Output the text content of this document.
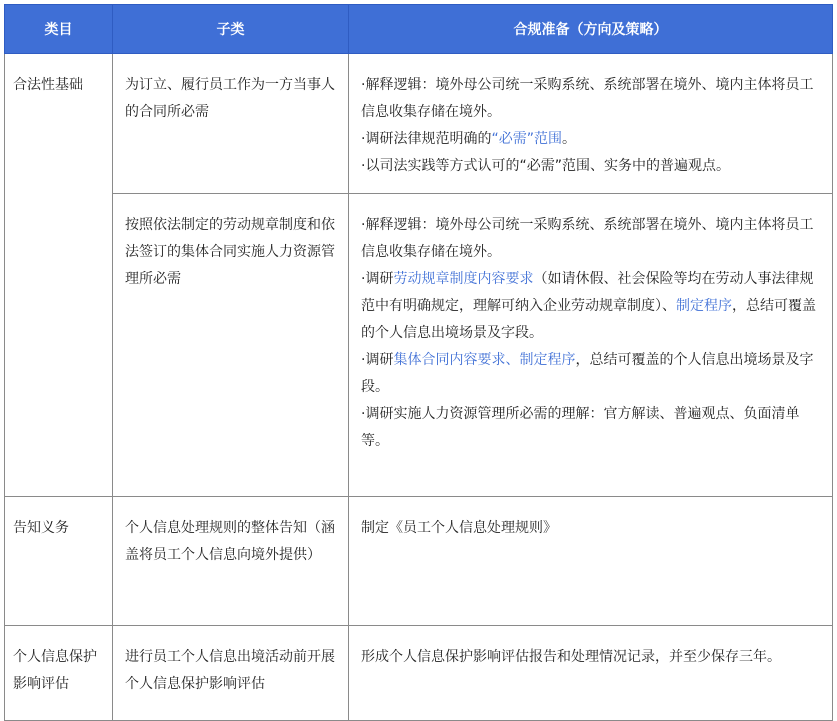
类目	子类	合规准备（方向及策略）
合法性基础	为订立、履行员工作为一方当事人的合同所必需	·解释逻辑：境外母公司统一采购系统、系统部署在境外、境内主体将员工信息收集存储在境外。
·调研法律规范明确的“必需”范围。
·以司法实践等方式认可的“必需”范围、实务中的普遍观点。

	按照依法制定的劳动规章制度和依法签订的集体合同实施人力资源管理所必需	·解释逻辑：境外母公司统一采购系统、系统部署在境外、境内主体将员工信息收集存储在境外。
·调研劳动规章制度内容要求（如请休假、社会保险等均在劳动人事法律规范中有明确规定，理解可纳入企业劳动规章制度）、制定程序，总结可覆盖的个人信息出境场景及字段。
·调研集体合同内容要求、制定程序，总结可覆盖的个人信息出境场景及字段。
·调研实施人力资源管理所必需的理解：官方解读、普遍观点、负面清单等。

告知义务	个人信息处理规则的整体告知（涵盖将员工个人信息向境外提供）	制定《员工个人信息处理规则》

个人信息保护影响评估	进行员工个人信息出境活动前开展个人信息保护影响评估	形成个人信息保护影响评估报告和处理情况记录，并至少保存三年。
